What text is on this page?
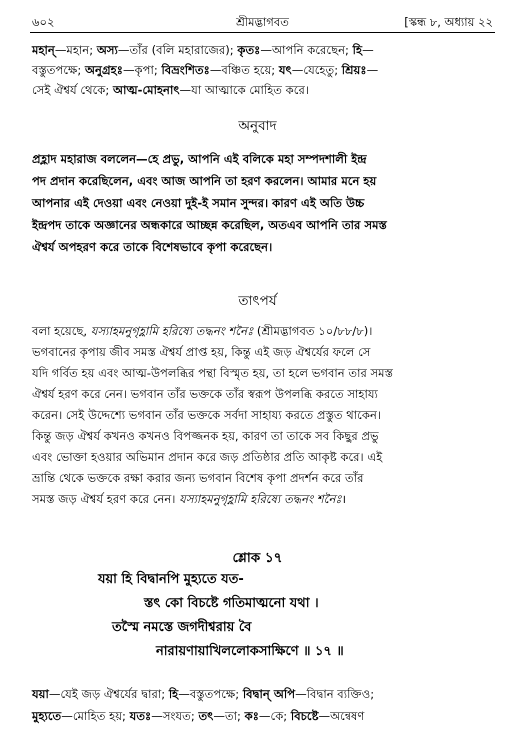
৬০২	শ্রীমদ্ভাগবত	[স্কন্ধ ৮, অধ্যায় ২২

মহান্—মহান; অস্য—তাঁর (বলি মহারাজের); কৃতঃ—আপনি করেছেন; হি—

বস্তুতপক্ষে; অনুগ্রহঃ—কৃপা; বিভ্রংশিতঃ—বঞ্চিত হয়ে; যৎ—যেহেতু; শ্রিয়ঃ—

সেই ঐশ্বর্য থেকে; আত্ম-মোহনাৎ—যা আত্মাকে মোহিত করে।

অনুবাদ

প্রহ্লাদ মহারাজ বললেন—হে প্রভু, আপনি এই বলিকে মহা সম্পদশালী ইন্দ্র

পদ প্রদান করেছিলেন, এবং আজ আপনি তা হরণ করলেন। আমার মনে হয়

আপনার এই দেওয়া এবং নেওয়া দুই-ই সমান সুন্দর। কারণ এই অতি উচ্চ

ইন্দ্রপদ তাকে অজ্ঞানের অন্ধকারে আচ্ছন্ন করেছিল, অতএব আপনি তার সমস্ত

ঐশ্বর্য অপহরণ করে তাকে বিশেষভাবে কৃপা করেছেন।

তাৎপর্য

বলা হয়েছে, যস্যাহমনুগৃহ্ণামি হরিষ্যে তদ্ধনং শনৈঃ (শ্রীমদ্ভাগবত ১০/৮৮/৮)।

ভগবানের কৃপায় জীব সমস্ত ঐশ্বর্য প্রাপ্ত হয়, কিন্তু এই জড় ঐশ্বর্যের ফলে সে

যদি গর্বিত হয় এবং আত্ম-উপলব্ধির পন্থা বিস্মৃত হয়, তা হলে ভগবান তার সমস্ত

ঐশ্বর্য হরণ করে নেন। ভগবান তাঁর ভক্তকে তাঁর স্বরূপ উপলব্ধি করতে সাহায্য

করেন। সেই উদ্দেশ্যে ভগবান তাঁর ভক্তকে সর্বদা সাহায্য করতে প্রস্তুত থাকেন।

কিন্তু জড় ঐশ্বর্য কখনও কখনও বিপজ্জনক হয়, কারণ তা তাকে সব কিছুর প্রভু

এবং ভোক্তা হওয়ার অভিমান প্রদান করে জড় প্রতিষ্ঠার প্রতি আকৃষ্ট করে। এই

ভ্রান্তি থেকে ভক্তকে রক্ষা করার জন্য ভগবান বিশেষ কৃপা প্রদর্শন করে তাঁর

সমস্ত জড় ঐশ্বর্য হরণ করে নেন। যস্যাহমনুগৃহ্ণামি হরিষ্যে তদ্ধনং শনৈঃ।

শ্লোক ১৭
যয়া হি বিদ্বানপি মুহ্যতে যত-
স্তৎ কো বিচষ্টে গতিমাত্মনো যথা ।
তস্মৈ নমস্তে জগদীশ্বরায় বৈ
নারায়ণায়াখিললোকসাক্ষিণে ॥ ১৭ ॥

যয়া—যেই জড় ঐশ্বর্যের দ্বারা; হি—বস্তুতপক্ষে; বিদ্বান্ অপি—বিদ্বান ব্যক্তিও;

মুহ্যতে—মোহিত হয়; যতঃ—সংযত; তৎ—তা; কঃ—কে; বিচষ্টে—অন্বেষণ
